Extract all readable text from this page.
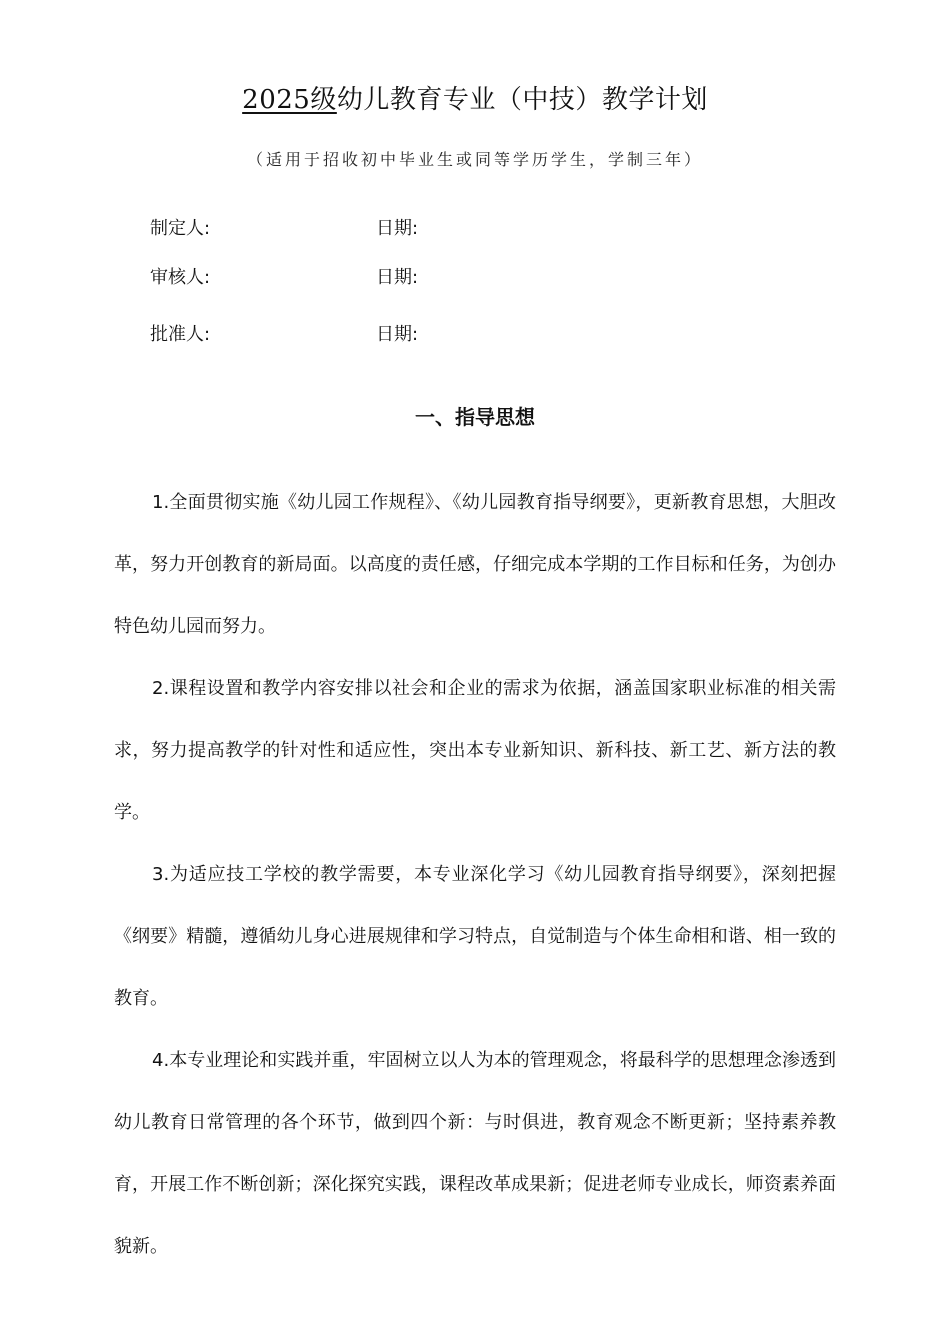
2025级幼儿教育专业（中技）教学计划
（适用于招收初中毕业生或同等学历学生，学制三年）
制定人:	日期:
审核人:	日期:
批准人:	日期:
一、指导思想

1.全面贯彻实施《幼儿园工作规程》、《幼儿园教育指导纲要》，更新教育思想，大胆改革，努力开创教育的新局面。以高度的责任感，仔细完成本学期的工作目标和任务，为创办特色幼儿园而努力。

2.课程设置和教学内容安排以社会和企业的需求为依据，涵盖国家职业标准的相关需求，努力提高教学的针对性和适应性，突出本专业新知识、新科技、新工艺、新方法的教学。

3.为适应技工学校的教学需要，本专业深化学习《幼儿园教育指导纲要》，深刻把握《纲要》精髓，遵循幼儿身心进展规律和学习特点，自觉制造与个体生命相和谐、相一致的教育。

4.本专业理论和实践并重，牢固树立以人为本的管理观念，将最科学的思想理念渗透到幼儿教育日常管理的各个环节，做到四个新：与时俱进，教育观念不断更新；坚持素养教育，开展工作不断创新；深化探究实践，课程改革成果新；促进老师专业成长，师资素养面貌新。
